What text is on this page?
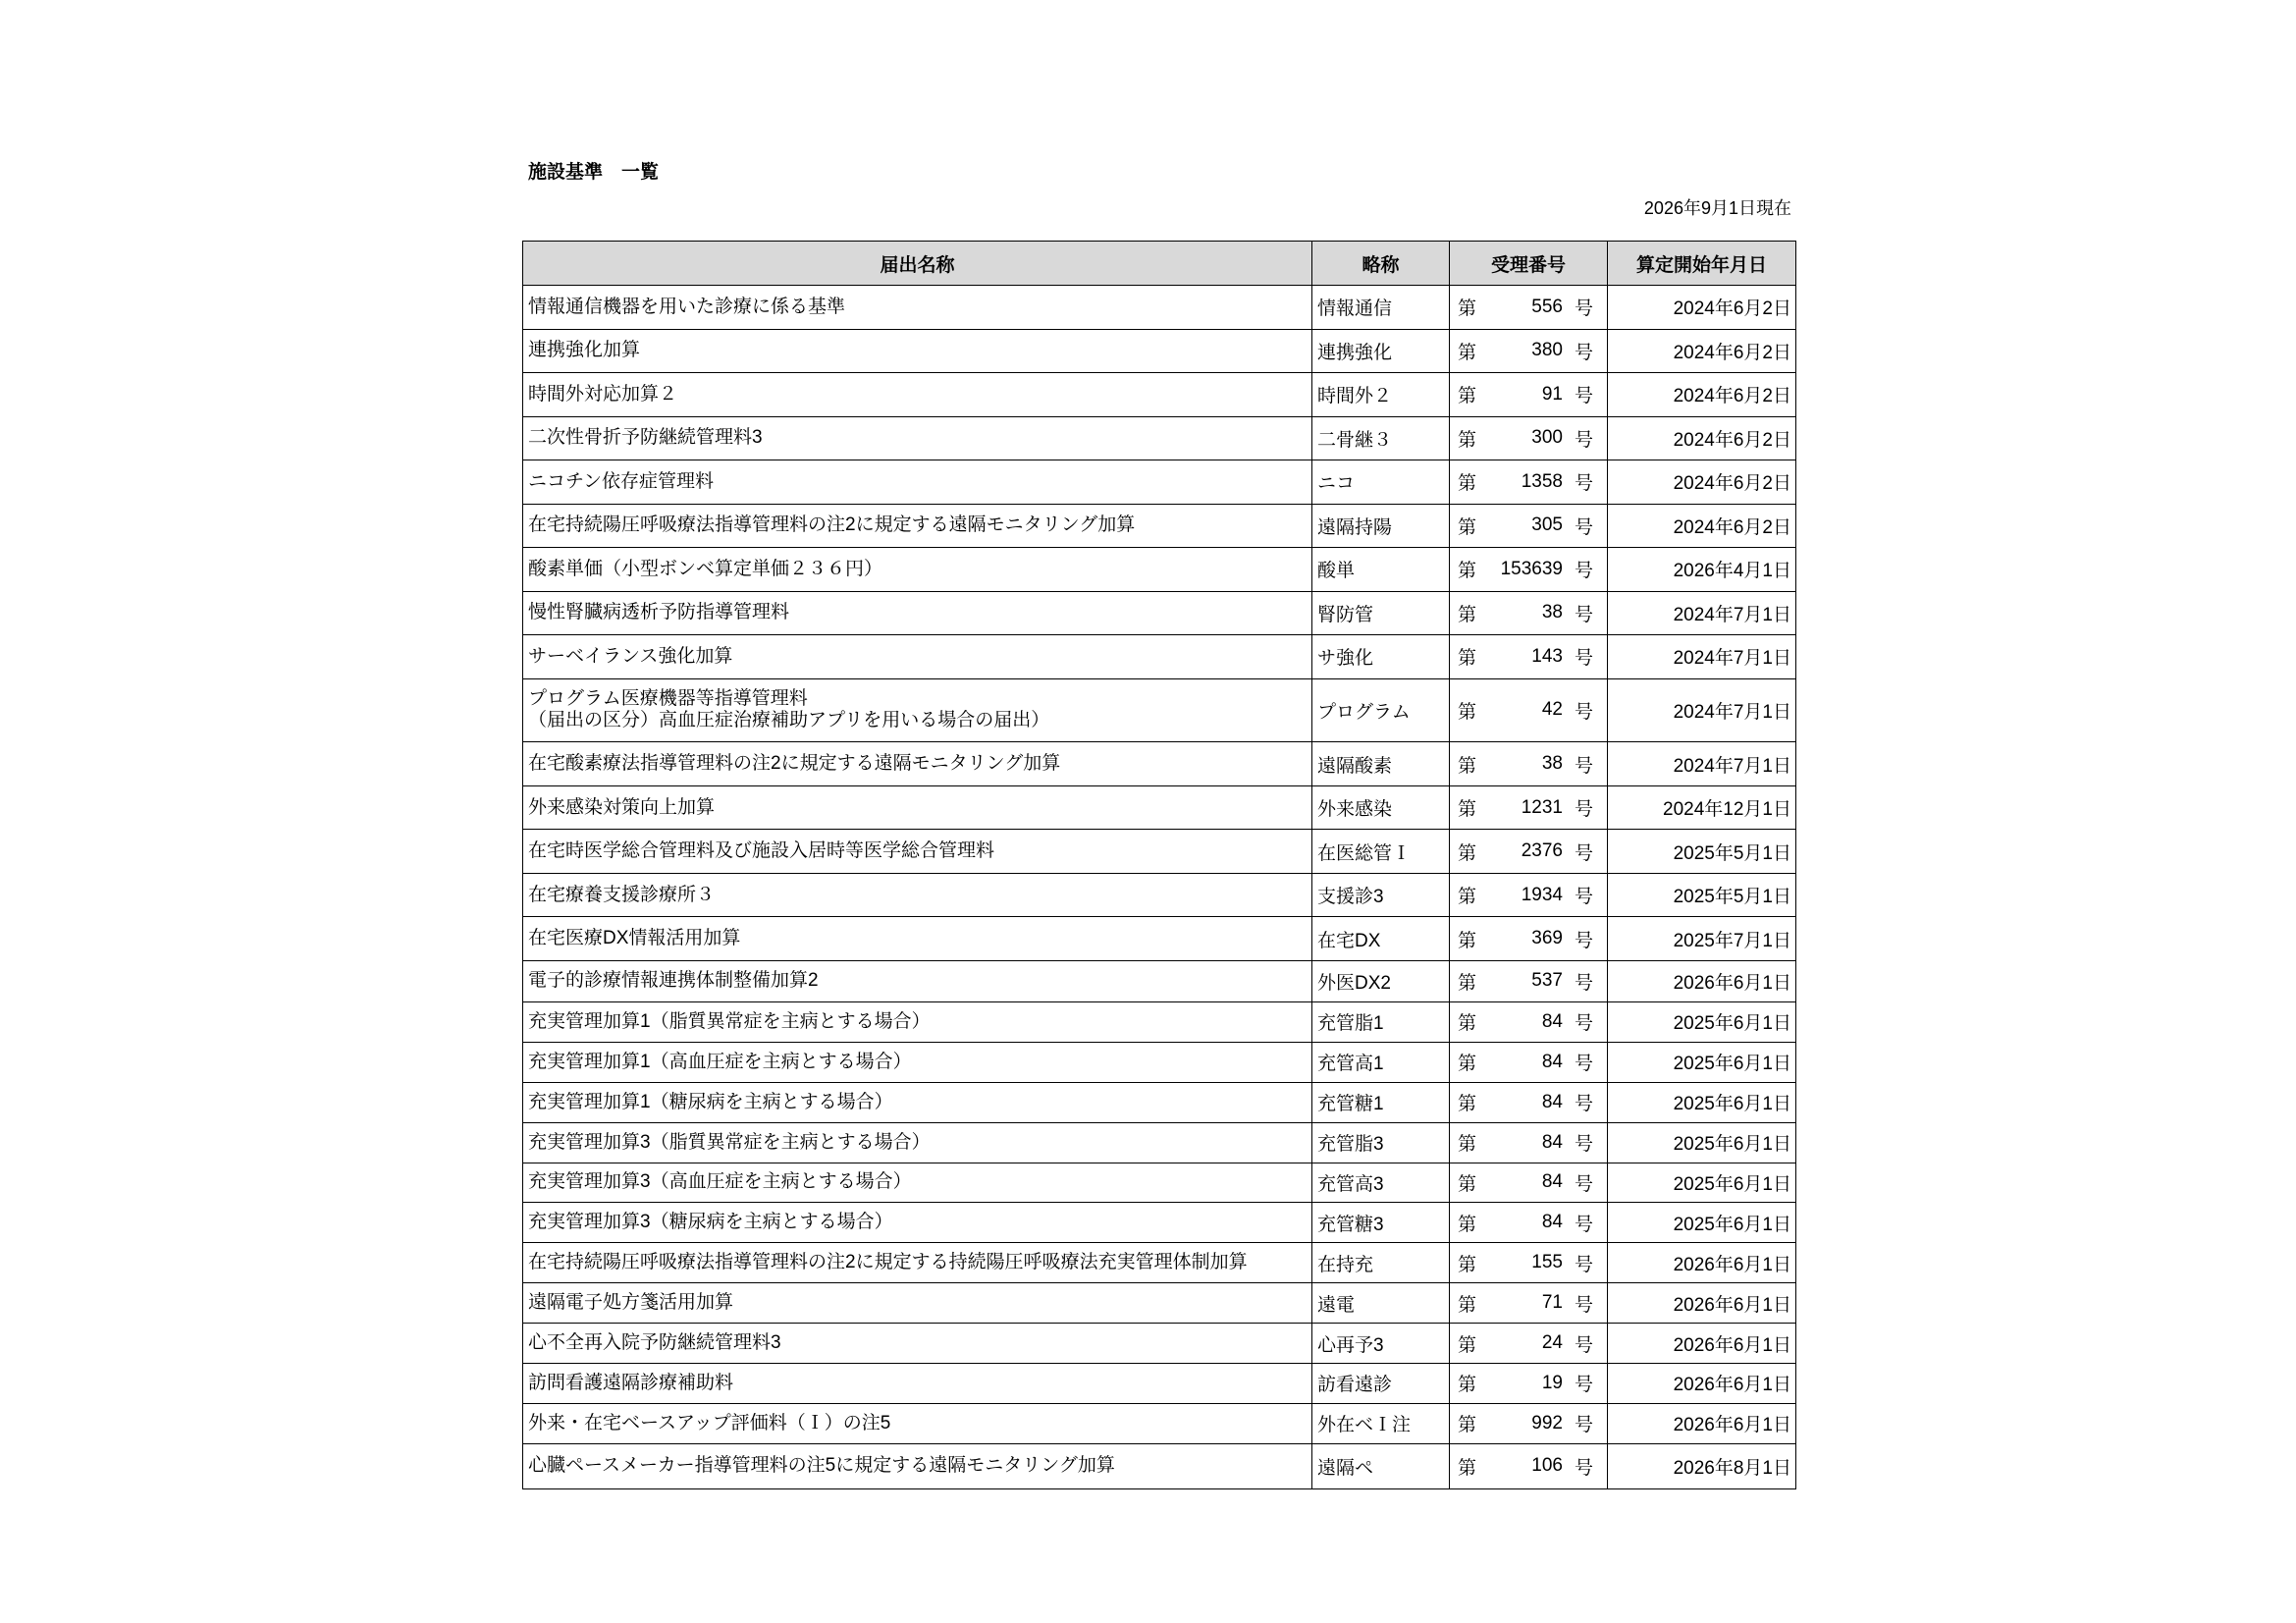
施設基準　一覧
2026年9月1日現在
届出名称	略称	受理番号	算定開始年月日
情報通信機器を用いた診療に係る基準	情報通信	第	556 号	2024年6月2日
連携強化加算	連携強化	第	380 号	2024年6月2日
時間外対応加算２	時間外２	第	91 号	2024年6月2日
二次性骨折予防継続管理料3	二骨継３	第	300 号	2024年6月2日
ニコチン依存症管理料	ニコ	第	1358 号	2024年6月2日
在宅持続陽圧呼吸療法指導管理料の注2に規定する遠隔モニタリング加算	遠隔持陽	第	305 号	2024年6月2日
酸素単価（小型ボンベ算定単価２３６円）	酸単	第	153639 号	2026年4月1日
慢性腎臓病透析予防指導管理料	腎防管	第	38 号	2024年7月1日
サーベイランス強化加算	サ強化	第	143 号	2024年7月1日
プログラム医療機器等指導管理料
（届出の区分）高血圧症治療補助アプリを用いる場合の届出）	プログラム	第	42 号	2024年7月1日
在宅酸素療法指導管理料の注2に規定する遠隔モニタリング加算	遠隔酸素	第	38 号	2024年7月1日
外来感染対策向上加算	外来感染	第	1231 号	2024年12月1日
在宅時医学総合管理料及び施設入居時等医学総合管理料	在医総管Ｉ	第	2376 号	2025年5月1日
在宅療養支援診療所３	支援診3	第	1934 号	2025年5月1日
在宅医療DX情報活用加算	在宅DX	第	369 号	2025年7月1日
電子的診療情報連携体制整備加算2	外医DX2	第	537 号	2026年6月1日
充実管理加算1（脂質異常症を主病とする場合）	充管脂1	第	84 号	2025年6月1日
充実管理加算1（高血圧症を主病とする場合）	充管高1	第	84 号	2025年6月1日
充実管理加算1（糖尿病を主病とする場合）	充管糖1	第	84 号	2025年6月1日
充実管理加算3（脂質異常症を主病とする場合）	充管脂3	第	84 号	2025年6月1日
充実管理加算3（高血圧症を主病とする場合）	充管高3	第	84 号	2025年6月1日
充実管理加算3（糖尿病を主病とする場合）	充管糖3	第	84 号	2025年6月1日
在宅持続陽圧呼吸療法指導管理料の注2に規定する持続陽圧呼吸療法充実管理体制加算	在持充	第	155 号	2026年6月1日
遠隔電子処方箋活用加算	遠電	第	71 号	2026年6月1日
心不全再入院予防継続管理料3	心再予3	第	24 号	2026年6月1日
訪問看護遠隔診療補助料	訪看遠診	第	19 号	2026年6月1日
外来・在宅ベースアップ評価料（Ｉ）の注5	外在ベＩ注	第	992 号	2026年6月1日
心臓ペースメーカー指導管理料の注5に規定する遠隔モニタリング加算	遠隔ペ	第	106 号	2026年8月1日
